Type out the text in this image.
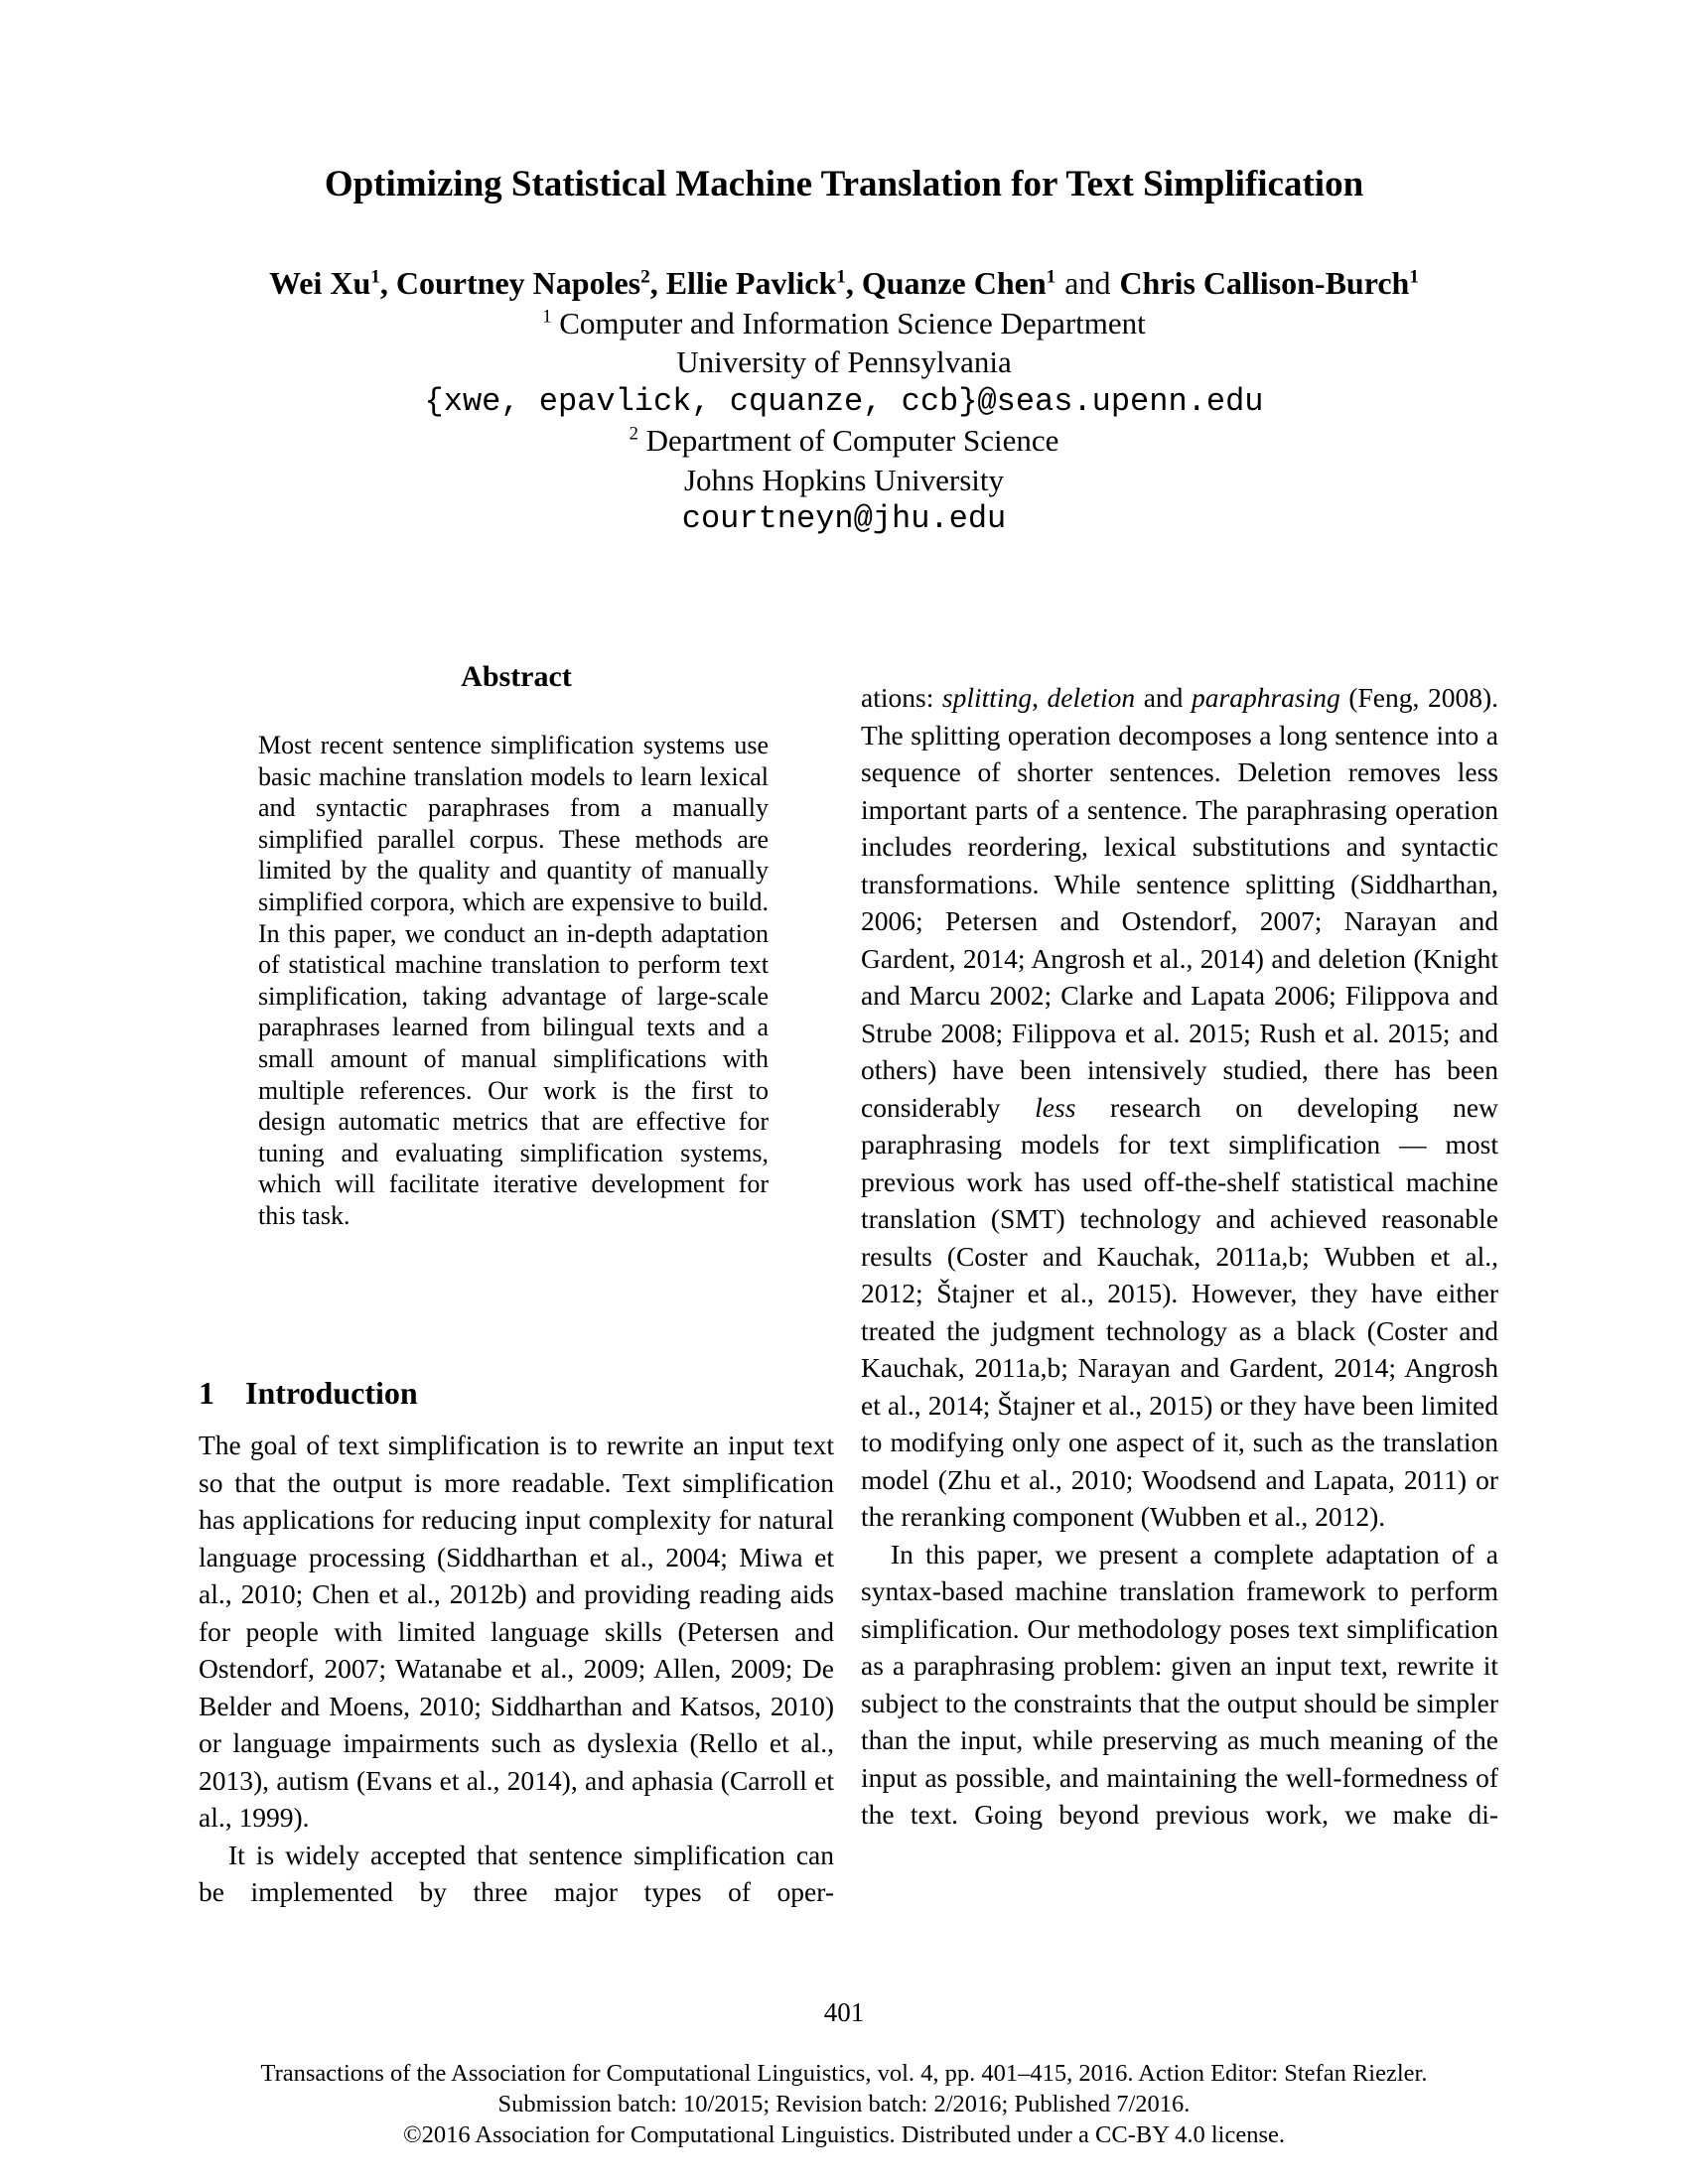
Optimizing Statistical Machine Translation for Text Simplification
Wei Xu$^1$, Courtney Napoles$^2$, Ellie Pavlick$^1$, Quanze Chen$^1$ and Chris Callison-Burch$^1$
$^1$ Computer and Information Science Department
University of Pennsylvania
{xwe, epavlick, cquanze, ccb}@seas.upenn.edu
$^2$ Department of Computer Science
Johns Hopkins University
courtneyn@jhu.edu
Abstract

Most recent sentence simplification systems use basic machine translation models to learn lexical and syntactic paraphrases from a manually simplified parallel corpus. These methods are limited by the quality and quantity of manually simplified corpora, which are expensive to build. In this paper, we conduct an in-depth adaptation of statistical machine translation to perform text simplification, taking advantage of large-scale paraphrases learned from bilingual texts and a small amount of manual simplifications with multiple references. Our work is the first to design automatic metrics that are effective for tuning and evaluating simplification systems, which will facilitate iterative development for this task.

1 Introduction

The goal of text simplification is to rewrite an input text so that the output is more readable. Text simplification has applications for reducing input complexity for natural language processing (Siddharthan et al., 2004; Miwa et al., 2010; Chen et al., 2012b) and providing reading aids for people with limited language skills (Petersen and Ostendorf, 2007; Watanabe et al., 2009; Allen, 2009; De Belder and Moens, 2010; Siddharthan and Katsos, 2010) or language impairments such as dyslexia (Rello et al., 2013), autism (Evans et al., 2014), and aphasia (Carroll et al., 1999).

It is widely accepted that sentence simplification can be implemented by three major types of oper-

ations: splitting, deletion and paraphrasing (Feng, 2008). The splitting operation decomposes a long sentence into a sequence of shorter sentences. Deletion removes less important parts of a sentence. The paraphrasing operation includes reordering, lexical substitutions and syntactic transformations. While sentence splitting (Siddharthan, 2006; Petersen and Ostendorf, 2007; Narayan and Gardent, 2014; Angrosh et al., 2014) and deletion (Knight and Marcu 2002; Clarke and Lapata 2006; Filippova and Strube 2008; Filippova et al. 2015; Rush et al. 2015; and others) have been intensively studied, there has been considerably less research on developing new paraphrasing models for text simplification — most previous work has used off-the-shelf statistical machine translation (SMT) technology and achieved reasonable results (Coster and Kauchak, 2011a,b; Wubben et al., 2012; Štajner et al., 2015). However, they have either treated the judgment technology as a black (Coster and Kauchak, 2011a,b; Narayan and Gardent, 2014; Angrosh et al., 2014; Štajner et al., 2015) or they have been limited to modifying only one aspect of it, such as the translation model (Zhu et al., 2010; Woodsend and Lapata, 2011) or the reranking component (Wubben et al., 2012).

In this paper, we present a complete adaptation of a syntax-based machine translation framework to perform simplification. Our methodology poses text simplification as a paraphrasing problem: given an input text, rewrite it subject to the constraints that the output should be simpler than the input, while preserving as much meaning of the input as possible, and maintaining the well-formedness of the text. Going beyond previous work, we make di-

401
Transactions of the Association for Computational Linguistics, vol. 4, pp. 401–415, 2016. Action Editor: Stefan Riezler.
Submission batch: 10/2015; Revision batch: 2/2016; Published 7/2016.
©2016 Association for Computational Linguistics. Distributed under a CC-BY 4.0 license.
